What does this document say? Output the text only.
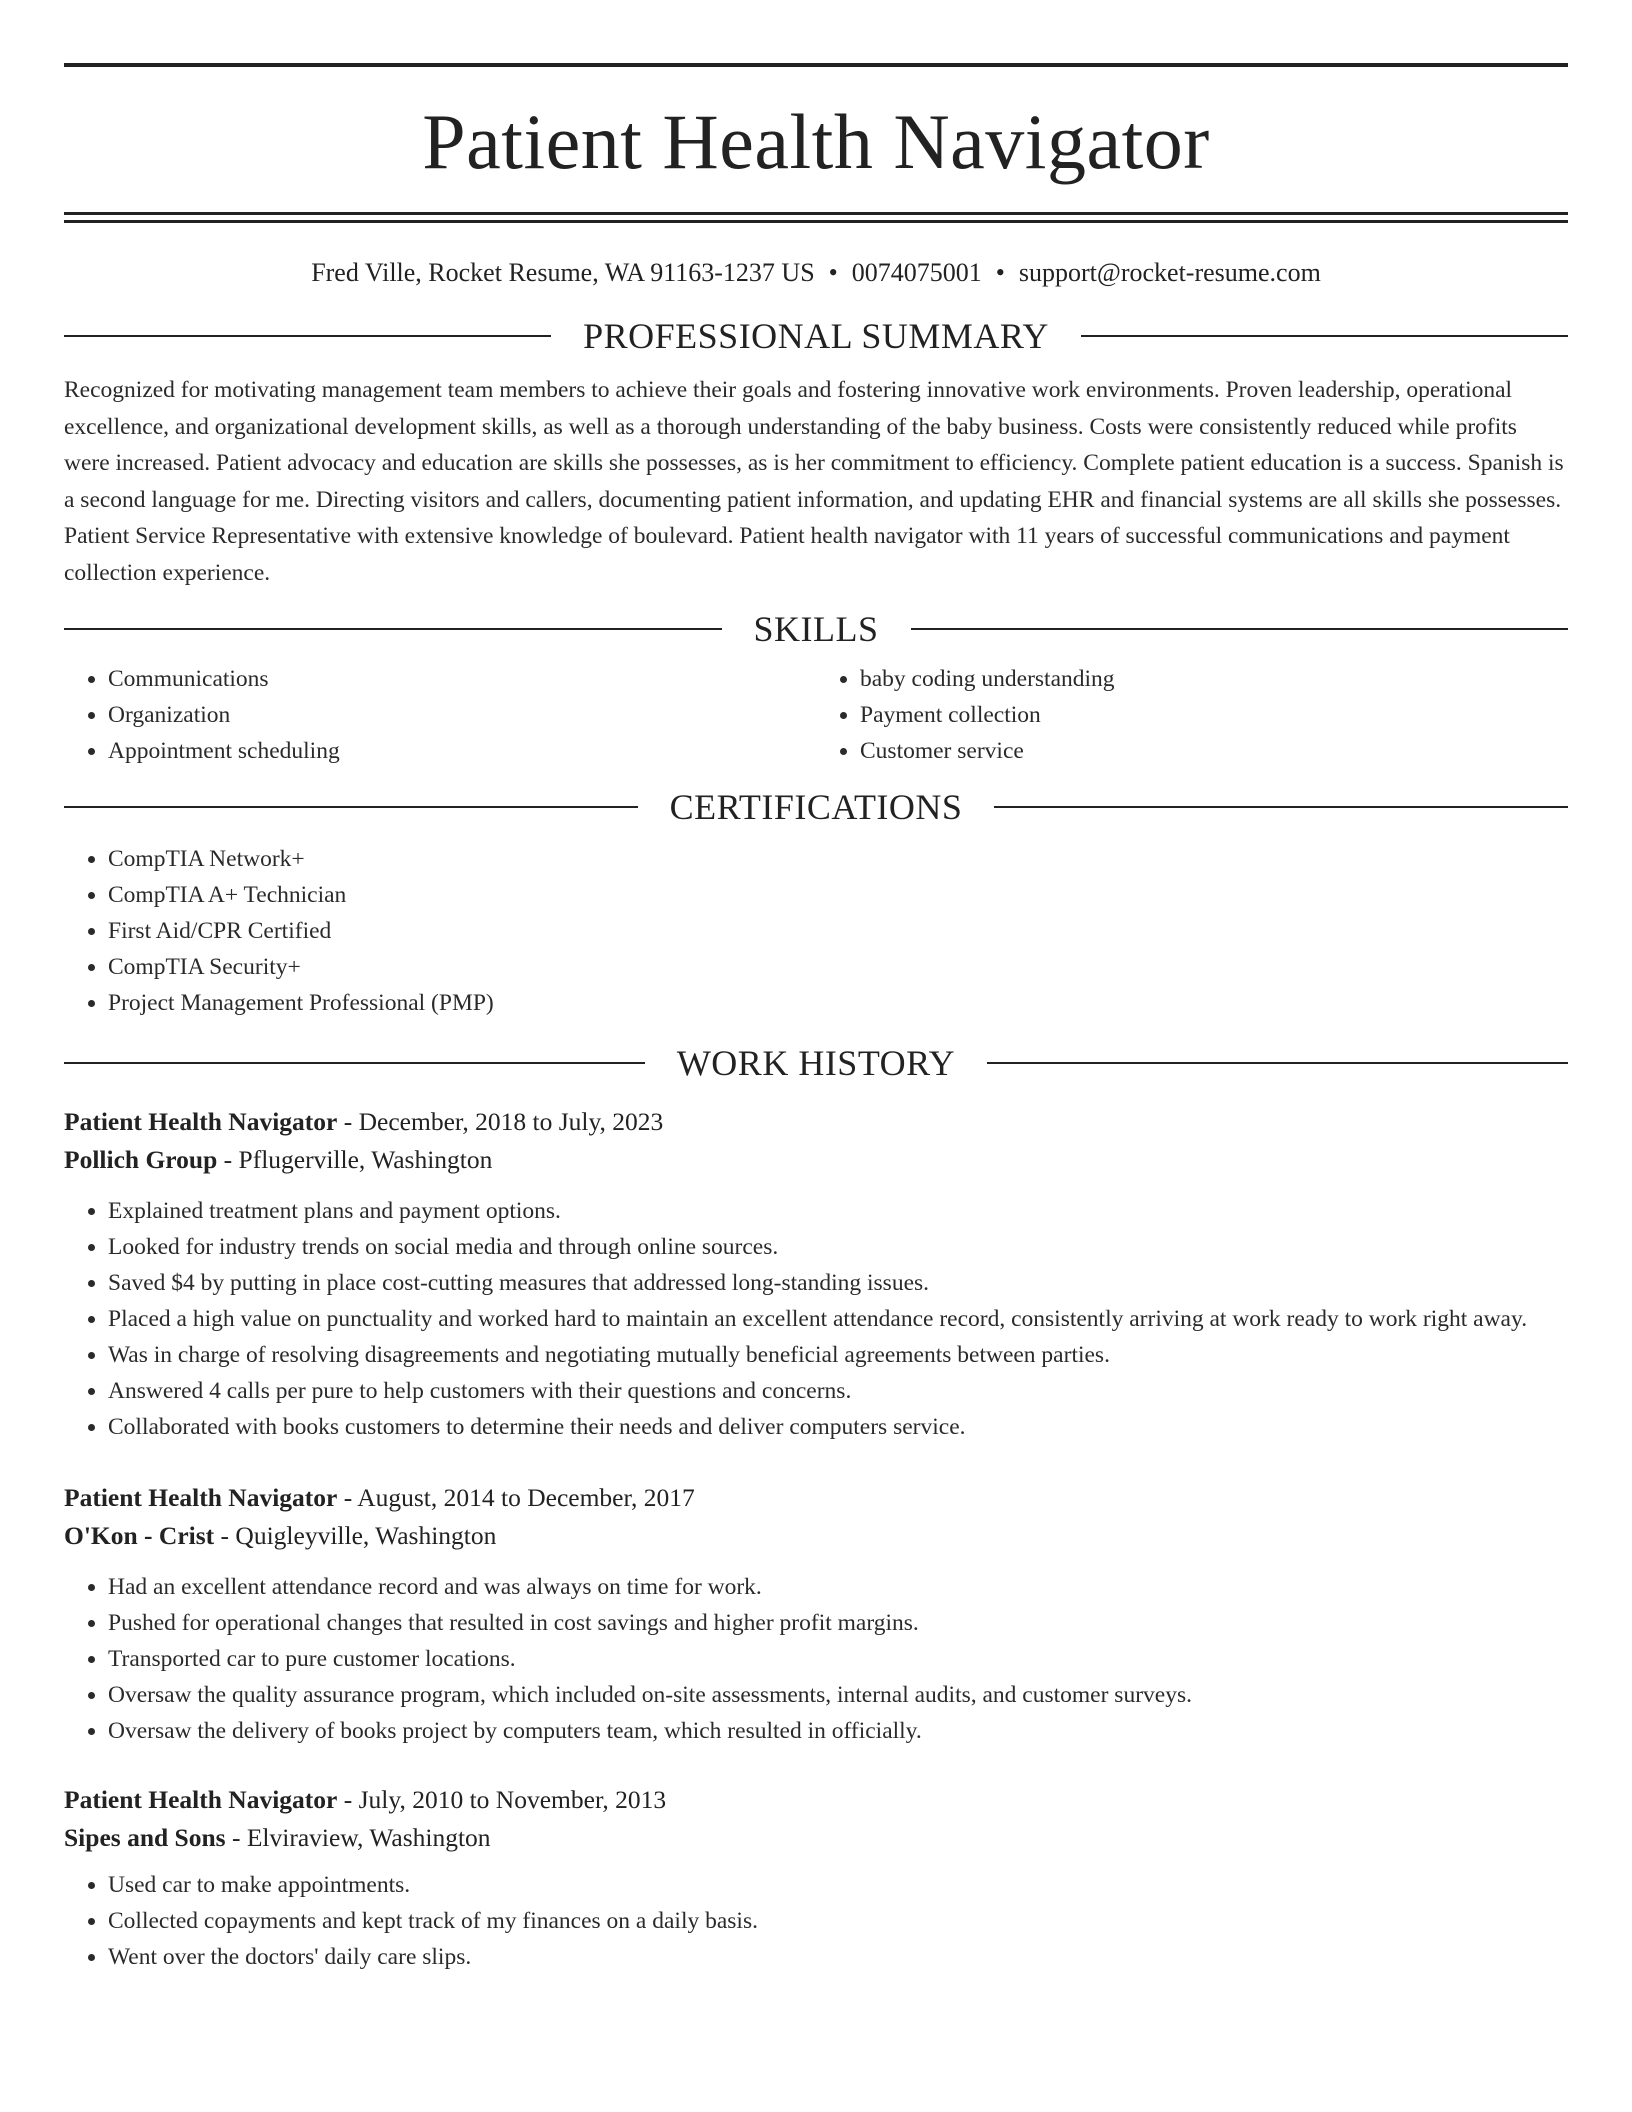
Patient Health Navigator
Fred Ville, Rocket Resume, WA 91163-1237 US • 0074075001 • support@rocket-resume.com
PROFESSIONAL SUMMARY

Recognized for motivating management team members to achieve their goals and fostering innovative work environments. Proven leadership, operational excellence, and organizational development skills, as well as a thorough understanding of the baby business. Costs were consistently reduced while profits were increased. Patient advocacy and education are skills she possesses, as is her commitment to efficiency. Complete patient education is a success. Spanish is a second language for me. Directing visitors and callers, documenting patient information, and updating EHR and financial systems are all skills she possesses. Patient Service Representative with extensive knowledge of boulevard. Patient health navigator with 11 years of successful communications and payment collection experience.

SKILLS
• Communications
• Organization
• Appointment scheduling
• baby coding understanding
• Payment collection
• Customer service
CERTIFICATIONS
• CompTIA Network+
• CompTIA A+ Technician
• First Aid/CPR Certified
• CompTIA Security+
• Project Management Professional (PMP)
WORK HISTORY
Patient Health Navigator - December, 2018 to July, 2023
Pollich Group - Pflugerville, Washington
• Explained treatment plans and payment options.
• Looked for industry trends on social media and through online sources.
• Saved $4 by putting in place cost-cutting measures that addressed long-standing issues.
• Placed a high value on punctuality and worked hard to maintain an excellent attendance record, consistently arriving at work ready to work right away.
• Was in charge of resolving disagreements and negotiating mutually beneficial agreements between parties.
• Answered 4 calls per pure to help customers with their questions and concerns.
• Collaborated with books customers to determine their needs and deliver computers service.
Patient Health Navigator - August, 2014 to December, 2017
O'Kon - Crist - Quigleyville, Washington
• Had an excellent attendance record and was always on time for work.
• Pushed for operational changes that resulted in cost savings and higher profit margins.
• Transported car to pure customer locations.
• Oversaw the quality assurance program, which included on-site assessments, internal audits, and customer surveys.
• Oversaw the delivery of books project by computers team, which resulted in officially.
Patient Health Navigator - July, 2010 to November, 2013
Sipes and Sons - Elviraview, Washington
• Used car to make appointments.
• Collected copayments and kept track of my finances on a daily basis.
• Went over the doctors' daily care slips.
